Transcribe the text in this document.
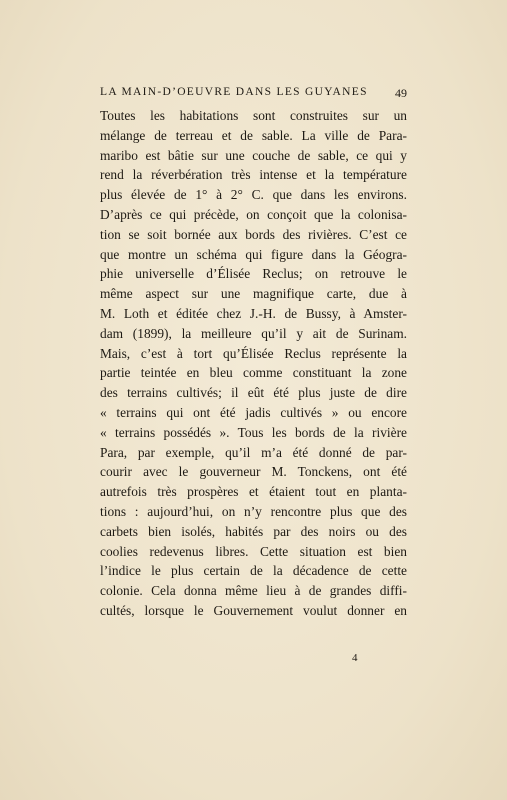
LA MAIN-D’OEUVRE DANS LES GUYANES 49
Toutes les habitations sont construites sur un
mélange de terreau et de sable. La ville de Para-
maribo est bâtie sur une couche de sable, ce qui y
rend la réverbération très intense et la température
plus élevée de 1° à 2° C. que dans les environs.
D’après ce qui précède, on conçoit que la colonisa-
tion se soit bornée aux bords des rivières. C’est ce
que montre un schéma qui figure dans la Géogra-
phie universelle d’Élisée Reclus; on retrouve le
même aspect sur une magnifique carte, due à
M. Loth et éditée chez J.-H. de Bussy, à Amster-
dam (1899), la meilleure qu’il y ait de Surinam.
Mais, c’est à tort qu’Élisée Reclus représente la
partie teintée en bleu comme constituant la zone
des terrains cultivés; il eût été plus juste de dire
« terrains qui ont été jadis cultivés » ou encore
« terrains possédés ». Tous les bords de la rivière
Para, par exemple, qu’il m’a été donné de par-
courir avec le gouverneur M. Tonckens, ont été
autrefois très prospères et étaient tout en planta-
tions : aujourd’hui, on n’y rencontre plus que des
carbets bien isolés, habités par des noirs ou des
coolies redevenus libres. Cette situation est bien
l’indice le plus certain de la décadence de cette
colonie. Cela donna même lieu à de grandes diffi-
cultés, lorsque le Gouvernement voulut donner en
4
